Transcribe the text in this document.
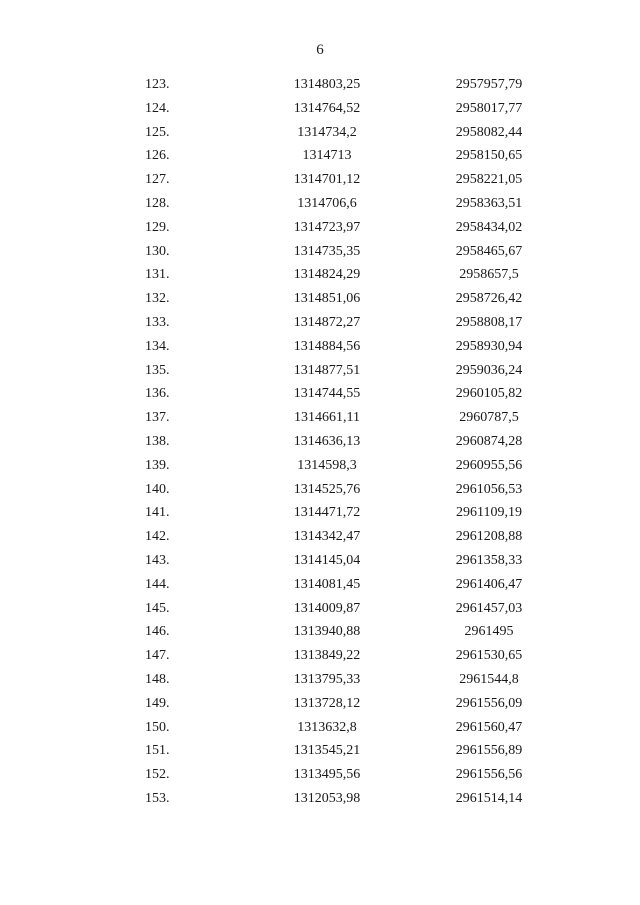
6
123.	1314803,25	2957957,79
124.	1314764,52	2958017,77
125.	1314734,2	2958082,44
126.	1314713	2958150,65
127.	1314701,12	2958221,05
128.	1314706,6	2958363,51
129.	1314723,97	2958434,02
130.	1314735,35	2958465,67
131.	1314824,29	2958657,5
132.	1314851,06	2958726,42
133.	1314872,27	2958808,17
134.	1314884,56	2958930,94
135.	1314877,51	2959036,24
136.	1314744,55	2960105,82
137.	1314661,11	2960787,5
138.	1314636,13	2960874,28
139.	1314598,3	2960955,56
140.	1314525,76	2961056,53
141.	1314471,72	2961109,19
142.	1314342,47	2961208,88
143.	1314145,04	2961358,33
144.	1314081,45	2961406,47
145.	1314009,87	2961457,03
146.	1313940,88	2961495
147.	1313849,22	2961530,65
148.	1313795,33	2961544,8
149.	1313728,12	2961556,09
150.	1313632,8	2961560,47
151.	1313545,21	2961556,89
152.	1313495,56	2961556,56
153.	1312053,98	2961514,14
